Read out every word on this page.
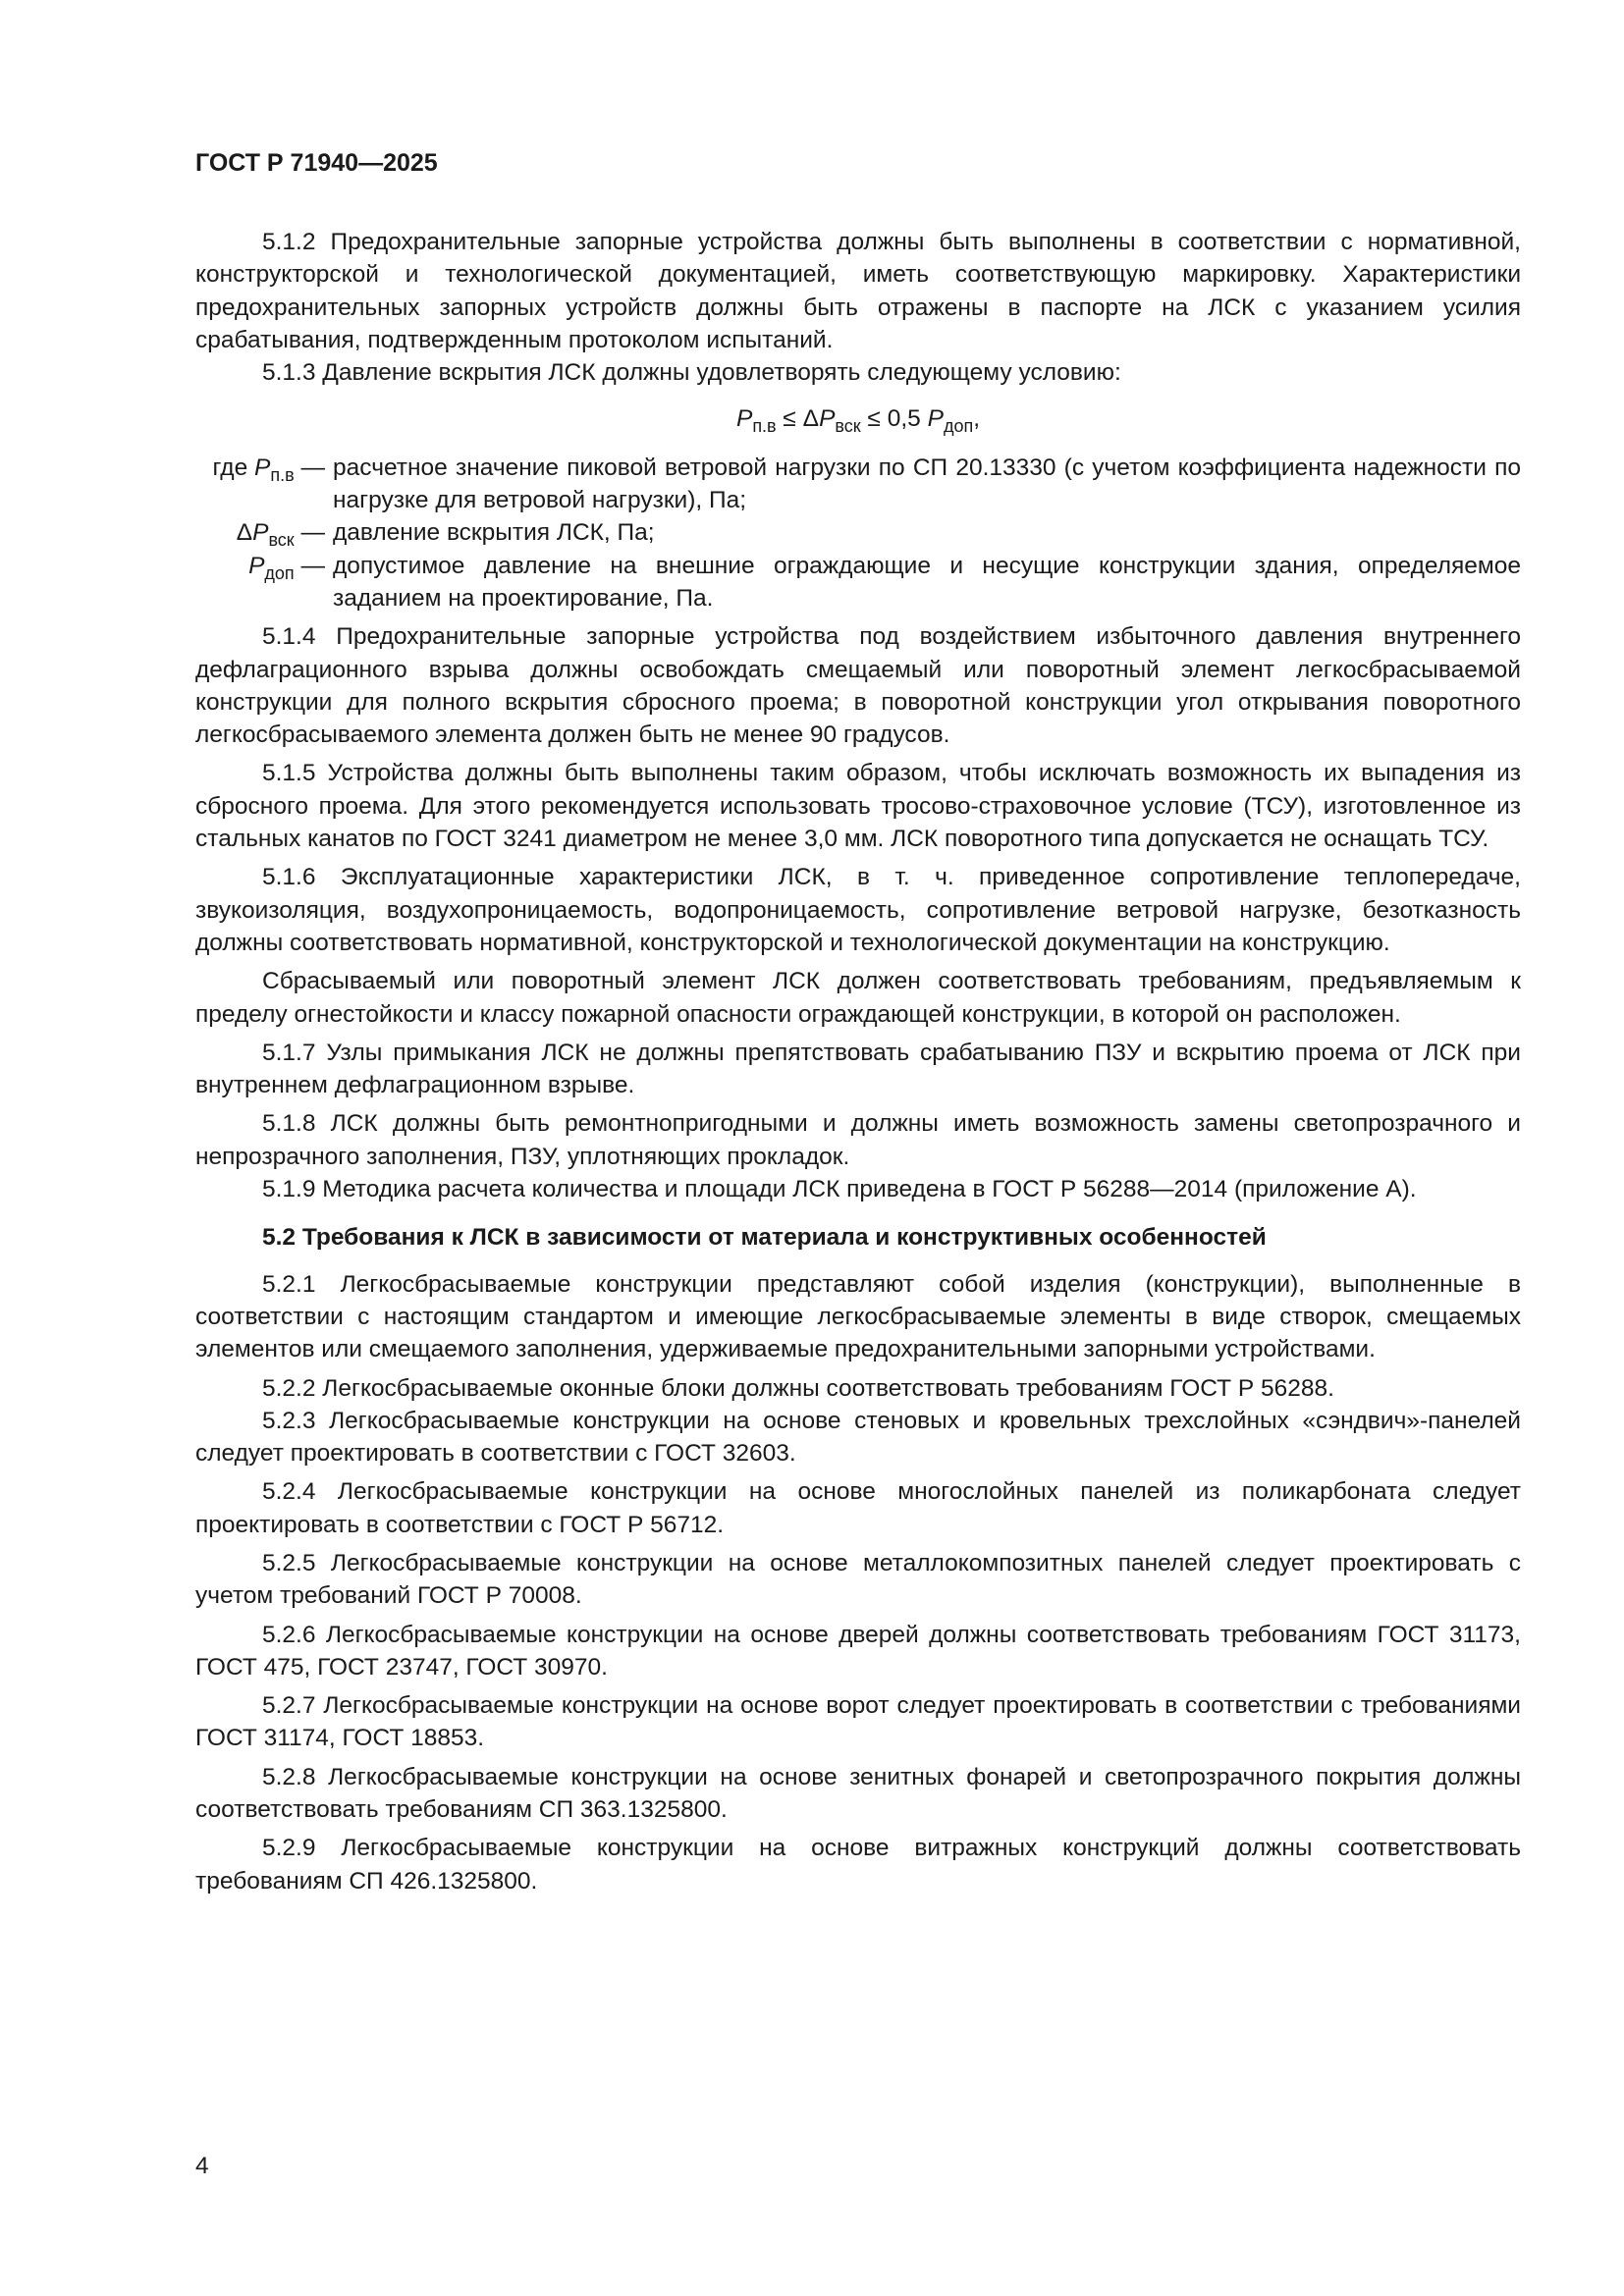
ГОСТ Р 71940—2025

5.1.2 Предохранительные запорные устройства должны быть выполнены в соответствии с нормативной, конструкторской и технологической документацией, иметь соответствующую маркировку. Характеристики предохранительных запорных устройств должны быть отражены в паспорте на ЛСК с указанием усилия срабатывания, подтвержденным протоколом испытаний.

5.1.3 Давление вскрытия ЛСК должны удовлетворять следующему условию:

$P_{п.в} \le \Delta P_{вск} \le 0,5$ $P_{доп}$,
где $P_{п.в}$ — расчетное значение пиковой ветровой нагрузки по СП 20.13330 (с учетом коэффициента надежности по нагрузке для ветровой нагрузки), Па;
$\Delta P_{вск}$ — давление вскрытия ЛСК, Па;
$P_{доп}$ — допустимое давление на внешние ограждающие и несущие конструкции здания, определяемое заданием на проектирование, Па.

5.1.4 Предохранительные запорные устройства под воздействием избыточного давления внутреннего дефлаграционного взрыва должны освобождать смещаемый или поворотный элемент легкосбрасываемой конструкции для полного вскрытия сбросного проема; в поворотной конструкции угол открывания поворотного легкосбрасываемого элемента должен быть не менее 90 градусов.

5.1.5 Устройства должны быть выполнены таким образом, чтобы исключать возможность их выпадения из сбросного проема. Для этого рекомендуется использовать тросово-страховочное условие (ТСУ), изготовленное из стальных канатов по ГОСТ 3241 диаметром не менее 3,0 мм. ЛСК поворотного типа допускается не оснащать ТСУ.

5.1.6 Эксплуатационные характеристики ЛСК, в т. ч. приведенное сопротивление теплопередаче, звукоизоляция, воздухопроницаемость, водопроницаемость, сопротивление ветровой нагрузке, безотказность должны соответствовать нормативной, конструкторской и технологической документации на конструкцию.

Сбрасываемый или поворотный элемент ЛСК должен соответствовать требованиям, предъявляемым к пределу огнестойкости и классу пожарной опасности ограждающей конструкции, в которой он расположен.

5.1.7 Узлы примыкания ЛСК не должны препятствовать срабатыванию ПЗУ и вскрытию проема от ЛСК при внутреннем дефлаграционном взрыве.

5.1.8 ЛСК должны быть ремонтнопригодными и должны иметь возможность замены светопрозрачного и непрозрачного заполнения, ПЗУ, уплотняющих прокладок.

5.1.9 Методика расчета количества и площади ЛСК приведена в ГОСТ Р 56288—2014 (приложение А).

5.2 Требования к ЛСК в зависимости от материала и конструктивных особенностей

5.2.1 Легкосбрасываемые конструкции представляют собой изделия (конструкции), выполненные в соответствии с настоящим стандартом и имеющие легкосбрасываемые элементы в виде створок, смещаемых элементов или смещаемого заполнения, удерживаемые предохранительными запорными устройствами.

5.2.2 Легкосбрасываемые оконные блоки должны соответствовать требованиям ГОСТ Р 56288.

5.2.3 Легкосбрасываемые конструкции на основе стеновых и кровельных трехслойных «сэндвич»-панелей следует проектировать в соответствии с ГОСТ 32603.

5.2.4 Легкосбрасываемые конструкции на основе многослойных панелей из поликарбоната следует проектировать в соответствии с ГОСТ Р 56712.

5.2.5 Легкосбрасываемые конструкции на основе металлокомпозитных панелей следует проектировать с учетом требований ГОСТ Р 70008.

5.2.6 Легкосбрасываемые конструкции на основе дверей должны соответствовать требованиям ГОСТ 31173, ГОСТ 475, ГОСТ 23747, ГОСТ 30970.

5.2.7 Легкосбрасываемые конструкции на основе ворот следует проектировать в соответствии с требованиями ГОСТ 31174, ГОСТ 18853.

5.2.8 Легкосбрасываемые конструкции на основе зенитных фонарей и светопрозрачного покрытия должны соответствовать требованиям СП 363.1325800.

5.2.9 Легкосбрасываемые конструкции на основе витражных конструкций должны соответствовать требованиям СП 426.1325800.

4
